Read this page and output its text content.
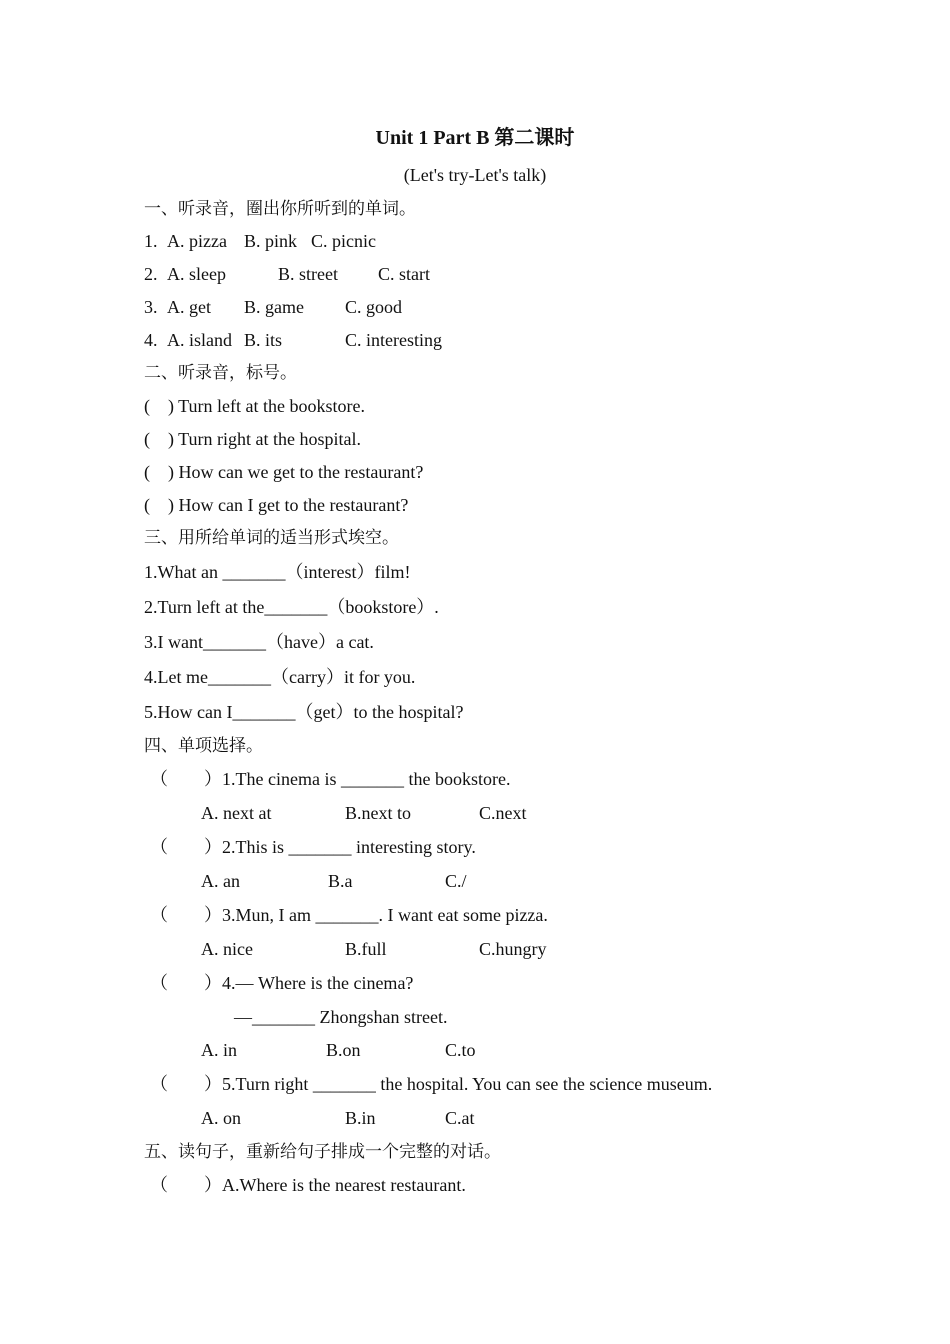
Unit 1 Part B 第二课时
(Let's try-Let's talk)
一、听录音，圈出你所听到的单词。
1. A. pizza B. pink C. picnic
2. A. sleep	B. street C. start
3. A. get B. game C. good
4. A. island B. its	C. interesting
二、听录音，标号。
(    ) Turn left at the bookstore.
(    ) Turn right at the hospital.
(    ) How can we get to the restaurant?
(    ) How can I get to the restaurant?
三、用所给单词的适当形式埃空。
1.What an _______（interest）film!
2.Turn left at the_______（bookstore）.
3.I want_______（have）a cat.
4.Let me_______（carry）it for you.
5.How can I_______（get）to the hospital?
四、单项选择。
（        ）1.The cinema is _______ the bookstore.
A. next at	B.next to	C.next
（        ）2.This is _______ interesting story.
A. an	B.a	C./
（        ）3.Mun, I am _______. I want eat some pizza.
A. nice	B.full	C.hungry
（        ）4.— Where is the cinema?
—_______ Zhongshan street.
A. in	B.on	C.to
（        ）5.Turn right _______ the hospital. You can see the science museum.
A. on	B.in	C.at
五、读句子，重新给句子排成一个完整的对话。
（        ）A.Where is the nearest restaurant.
